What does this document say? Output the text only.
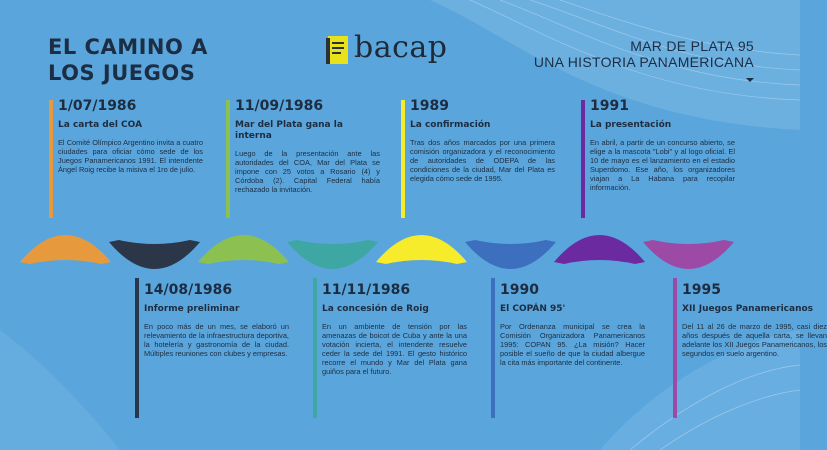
EL CAMINO A
LOS JUEGOS
bacap	MAR DE PLATA 95
UNA HISTORIA PANAMERICANA
1/07/1986
La carta del COA
El Comité Olímpico Argentino invita a cuatro ciudades para oficiar cómo sede de los Juegos Panamericanos 1991. El intendente Ángel Roig recibe la misiva el 1ro de julio.
11/09/1986
Mar del Plata gana la interna
Luego de la presentación ante las autoridades del COA, Mar del Plata se impone con 25 votos a Rosario (4) y Córdoba (2). Capital Federal había rechazado la invitación.
1989
La confirmación
Tras dos años marcados por una primera comisión organizadora y el reconocimiento de autoridades de ODEPA de las condiciones de la ciudad, Mar del Plata es elegida cómo sede de 1995.
1991
La presentación
En abril, a partir de un concurso abierto, se elige a la mascota "Lobi" y al logo oficial. El 10 de mayo es el lanzamiento en el estadio Superdomo. Ese año, los organizadores viajan a La Habana para recopilar información.
14/08/1986
Informe preliminar
En poco más de un mes, se elaboró un relevamiento de la infraestructura deportiva, la hotelería y gastronomía de la ciudad. Múltiples reuniones con clubes y empresas.
11/11/1986
La concesión de Roig
En un ambiente de tensión por las amenazas de boicot de Cuba y ante la una votación incierta, el intendente resuelve ceder la sede del 1991. El gesto histórico recorre el mundo y Mar del Plata gana guiños para el futuro.
1990
El COPÁN 95'
Por Ordenanza municipal se crea la Comisión Organizadora Panamericanos 1995: COPAN 95. ¿La misión? Hacer posible el sueño de que la ciudad albergue la cita más importante del continente.
1995
XII Juegos Panamericanos
Del 11 al 26 de marzo de 1995, casi diez años después de aquella carta, se llevan adelante los XII Juegos Panamericanos, los segundos en suelo argentino.
